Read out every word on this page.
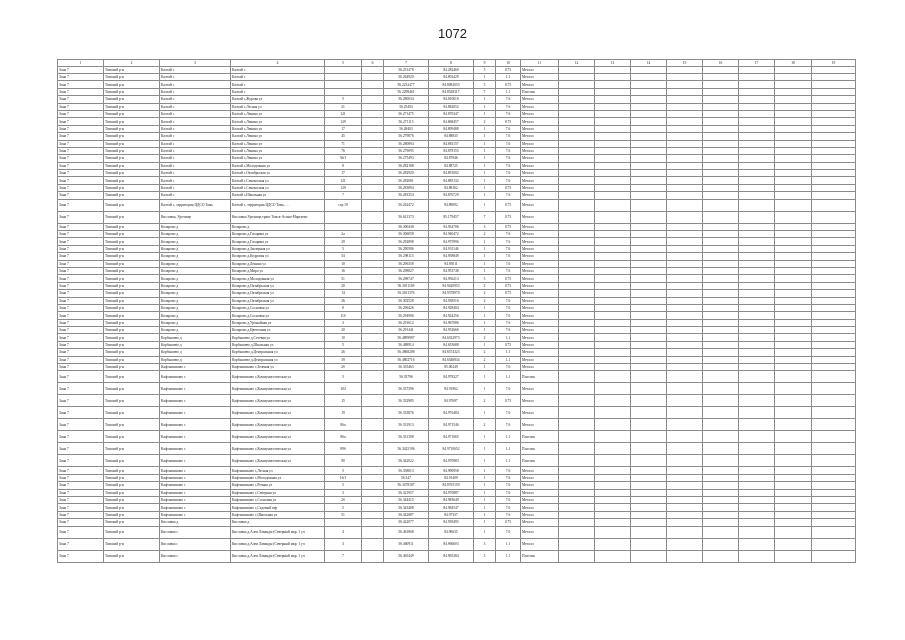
1072
1	2	3	4	5	6	7	8	9	10	11	12	13	14	15	16	17	18	19
Зона 7	Томский р-н	Калтай с	Калтай с			56.251478	84.282460	5	0.75	Металл								
Зона 7	Томский р-н	Калтай с	Калтай с			56.264920	84.802429	1	1.1	Металл								
Зона 7	Томский р-н	Калтай с	Калтай с			56.2232477	84.8082053	5	0.75	Металл								
Зона 7	Томский р-н	Калтай с	Калтай с			56.2298461	84.8528317	7	1.1	Пластик								
Зона 7	Томский р-н	Калтай с	Калтай с,Журова ул	5		56.280034	84.810618	1	7.6	Металл								
Зона 7	Томский р-н	Калтай с	Калтай с,Лесная ул	21		56.25494	84.882052	1	7.6	Металл								
Зона 7	Томский р-н	Калтай с	Калтай с,Ленина ул	121		56.271475	84.870347	1	7.6	Металл								
Зона 7	Томский р-н	Калтай с	Калтай с,Ленина ул	129		56.271115	84.868457	2	0.75	Металл								
Зона 7	Томский р-н	Калтай с	Калтай с,Ленина ул	17		56.28403	84.899488	1	7.6	Металл								
Зона 7	Томский р-н	Калтай с	Калтай с,Ленина ул	45		56.279876	84.88835	1	7.6	Металл								
Зона 7	Томский р-н	Калтай с	Калтай с,Ленина ул	71		56.280894	84.881157	1	7.6	Металл								
Зона 7	Томский р-н	Калтай с	Калтай с,Ленина ул	76		56.279095	84.878155	1	7.6	Металл								
Зона 7	Томский р-н	Калтай с	Калтай с,Ленина ул	36/1		56.275493	84.87846	1	7.6	Металл								
Зона 7	Томский р-н	Калтай с	Калтай с,Молодежная ул	8		56.282188	84.88725	1	7.6	Металл								
Зона 7	Томский р-н	Калтай с	Калтай с,Октябрьская ул	17		56.282920	84.891002	1	7.6	Металл								
Зона 7	Томский р-н	Калтай с	Калтай с,Сенокосная ул	121		56.282081	84.885132	1	7.6	Металл								
Зона 7	Томский р-н	Калтай с	Калтай с,Сенокосная ул	129		56.283894	84.88162	1	0.75	Металл								
Зона 7	Томский р-н	Калтай с	Калтай с,Школьная ул	7		56.283354	84.876729	1	7.6	Металл								
Зона 7	Томский р-н	Калтай с, территория ЦДСО Томь	Калтай с, территория ЦДСО Томь, ...	стр.10		56.262472	84.89092	1	0.75	Металл								
Зона 7	Томский р-н	Кисловка, Урочище	Кисловка Урочище,тракт Томск-Асино-Маргаево			56.621373	85.179457	7	0.75	Металл								
Зона 7	Томский р-н	Коларово д	Коларово д			56.300438	84.934706	3	0.75	Металл								
Зона 7	Томский р-н	Коларово д	Коларово д,Гагарина ул	2а		56.306058	84.940472	2	7.6	Металл								
Зона 7	Томский р-н	Коларово д	Коларово д,Гагарина ул	29		56.292898	84.975996	1	7.6	Металл								
Зона 7	Томский р-н	Коларово д	Коларово д,Заозерная ул	5		56.290586	84.931146	1	7.6	Металл								
Зона 7	Томский р-н	Коларово д	Коларово д,Кедровая ул	54		56.298113	84.958849	1	7.6	Металл								
Зона 7	Томский р-н	Коларово д	Коларово д,Ленина ул	10		56.296358	84.95011	1	7.6	Металл								
Зона 7	Томский р-н	Коларово д	Коларово д,Мира ул	16		56.298827	84.953748	1	7.6	Металл								
Зона 7	Томский р-н	Коларово д	Коларово д,Молодежная ул	51		56.298747	84.956213	5	0.75	Металл								
Зона 7	Томский р-н	Коларово д	Коларово д,Октябрьская ул	20		56.3011169	84.9420953	2	0.75	Металл								
Зона 7	Томский р-н	Коларово д	Коларово д,Октябрьская ул	14		56.3011376	84.9378970	2	0.75	Металл								
Зона 7	Томский р-н	Коларово д	Коларово д,Октябрьская ул	26		56.302528	84.938516	2	7.6	Металл								
Зона 7	Томский р-н	Коларово д	Коларово д,Сосновая ул	8		56.296426	84.928404	1	7.6	Металл								
Зона 7	Томский р-н	Коларово д	Коларово д,Сосновая ул	11б		56.294906	84.924256	1	7.6	Металл								
Зона 7	Томский р-н	Коларово д	Коларово д,Урожайная ул	3		56.291612	84.967086	1	7.6	Металл								
Зона 7	Томский р-н	Коларово д	Коларово д,Цветочная ул	20		56.291441	84.952666	1	7.6	Металл								
Зона 7	Томский р-н	Корбышево д	Корбышево д,Сетевая ул	10		56.4899997	84.6332973	2	1.1	Металл								
Зона 7	Томский р-н	Корбышево д	Корбышево д,Школьная ул	5		56.488914	84.653688	1	0.75	Металл								
Зона 7	Томский р-н	Корбышево д	Корбышево д,Центральная ул	26		56.4868208	84.6374323	2	1.1	Металл								
Зона 7	Томский р-н	Корбышево д	Корбышево д,Центральная ул	39		56.4802716	84.6346834	2	1.1	Металл								
Зона 7	Томский р-н	Кафтанчиково с	Кафтанчиково с,Зеленая ул	2б		56.335463	85.00249	1	7.6	Металл								
Зона 7	Томский р-н	Кафтанчиково с	Кафтанчиково с,Коммунистическая ул	5		56.33796	84.978227	1	1.1	Пластик								
Зона 7	Томский р-н	Кафтанчиково с	Кафтанчиково с,Коммунистическая ул	104		56.337396	84.91962	1	7.6	Металл								
Зона 7	Томский р-н	Кафтанчиково с	Кафтанчиково с,Коммунистическая ул	15		56.332985	84.97697	2	0.75	Металл								
Зона 7	Томский р-н	Кафтанчиково с	Кафтанчиково с,Коммунистическая ул	19		56.333876	84.976484	1	7.6	Металл								
Зона 7	Томский р-н	Кафтанчиково с	Кафтанчиково с,Коммунистическая ул	86а		56.331913	84.971546	2	7.6	Металл								
Зона 7	Томский р-н	Кафтанчиково с	Кафтанчиково с,Коммунистическая ул	86а		56.331308	84.971665	1	1.1	Пластик								
Зона 7	Томский р-н	Кафтанчиково с	Кафтанчиково с,Коммунистическая ул	89б		56.3425196	84.9710652	1	1.1	Пластик								
Зона 7	Томский р-н	Кафтанчиково с	Кафтанчиково с,Коммунистическая ул	90		56.342022	84.970983	1	1.1	Пластик								
Зона 7	Томский р-н	Кафтанчиково с	Кафтанчиково с,Лесная ул	5		56.338813	84.990958	1	7.6	Металл								
Зона 7	Томский р-н	Кафтанчиково с	Кафтанчиково с,Молодежная ул	16/1		56.347	84.91409	1	7.6	Металл								
Зона 7	Томский р-н	Кафтанчиково с	Кафтанчиково с,Речная ул	5		56.3478187	84.8765159	1	7.6	Металл								
Зона 7	Томский р-н	Кафтанчиково с	Кафтанчиково с,Северная ул	3		56.321957	84.970887	1	7.6	Металл								
Зона 7	Томский р-н	Кафтанчиково с	Кафтанчиково с,Сосновая ул	2б		56.344415	84.983649	1	7.6	Металл								
Зона 7	Томский р-н	Кафтанчиково с	Кафтанчиково с,Садовый пер	5		56.343408	84.984547	1	7.6	Металл								
Зона 7	Томский р-н	Кафтанчиково с	Кафтанчиково с,Школьная ул	51		56.342887	84.97337	1	7.6	Металл								
Зона 7	Томский р-н	Кисловка д	Кисловка д			56.422077	84.939495	1	0.75	Металл								
Зона 7	Томский р-н	Кисловка с	Кисловка д,Алеи Лаванды (Северный мкр. 1 уч	4		56.461868	84.96635	1	7.6	Металл								
Зона 7	Томский р-н	Кисловка с	Кисловка д,Алеи Лаванды (Северный мкр. 1 уч	3		56.460911	84.966603	3	1.1	Металл								
Зона 7	Томский р-н	Кисловка с	Кисловка д,Алеи Лаванды (Северный мкр. 1 уч	7		56.465449	84.965284	3	1.1	Пластик								
